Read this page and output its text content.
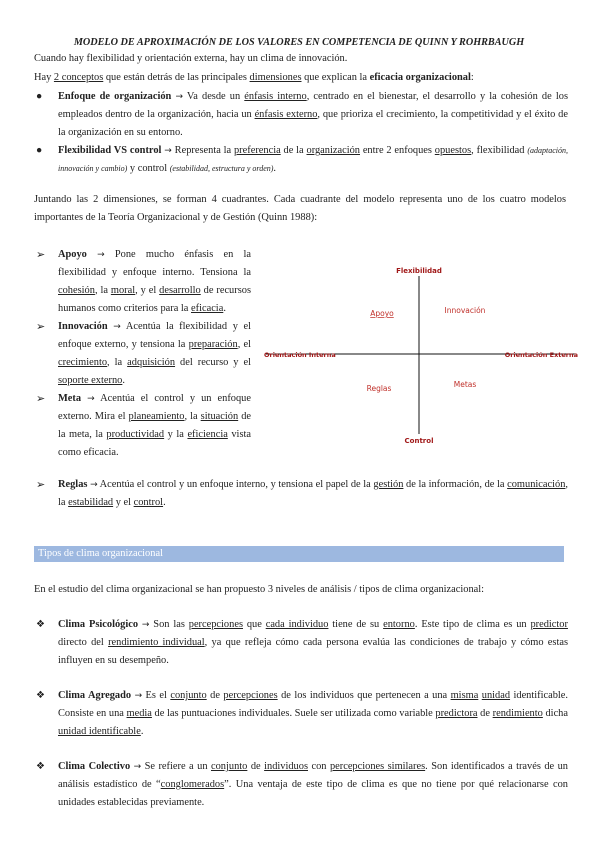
MODELO DE APROXIMACIÓN DE LOS VALORES EN COMPETENCIA DE QUINN Y ROHRBAUGH

Cuando hay flexibilidad y orientación externa, hay un clima de innovación.

Hay 2 conceptos que están detrás de las principales dimensiones que explican la eficacia organizacional:

●	Enfoque de organización → Va desde un énfasis interno, centrado en el bienestar, el desarrollo y la cohesión de los empleados dentro de la organización, hacia un énfasis externo, que prioriza el crecimiento, la competitividad y el éxito de la organización en su entorno.
●	Flexibilidad VS control → Representa la preferencia de la organización entre 2 enfoques opuestos, flexibilidad (adaptación, innovación y cambio) y control (estabilidad, estructura y orden).

Juntando las 2 dimensiones, se forman 4 cuadrantes. Cada cuadrante del modelo representa uno de los cuatro modelos importantes de la Teoría Organizacional y de Gestión (Quinn 1988):

➢ Apoyo → Pone mucho énfasis en la flexibilidad y enfoque interno. Tensiona la cohesión, la moral, y el desarrollo de recursos humanos como criterios para la eficacia.
➢ Innovación → Acentúa la flexibilidad y el enfoque externo, y tensiona la preparación, el crecimiento, la adquisición del recurso y el soporte externo.
➢ Meta → Acentúa el control y un enfoque externo. Mira el planeamiento, la situación de la meta, la productividad y la eficiencia vista como eficacia.
➢	Reglas → Acentúa el control y un enfoque interno, y tensiona el papel de la gestión de la información, de la comunicación, la estabilidad y el control.
Flexibilidad
Control
Orientación Interna	Orientación Externa
Apoyo	Innovación
Reglas	Metas
Tipos de clima organizacional

En el estudio del clima organizacional se han propuesto 3 niveles de análisis / tipos de clima organizacional:

❖	Clima Psicológico → Son las percepciones que cada individuo tiene de su entorno. Este tipo de clima es un predictor directo del rendimiento individual, ya que refleja cómo cada persona evalúa las condiciones de trabajo y cómo estas influyen en su desempeño.
❖	Clima Agregado → Es el conjunto de percepciones de los individuos que pertenecen a una misma unidad identificable. Consiste en una media de las puntuaciones individuales. Suele ser utilizada como variable predictora de rendimiento dicha unidad identificable.
❖	Clima Colectivo → Se refiere a un conjunto de individuos con percepciones similares. Son identificados a través de un análisis estadístico de “conglomerados”. Una ventaja de este tipo de clima es que no tiene por qué relacionarse con unidades establecidas previamente.
